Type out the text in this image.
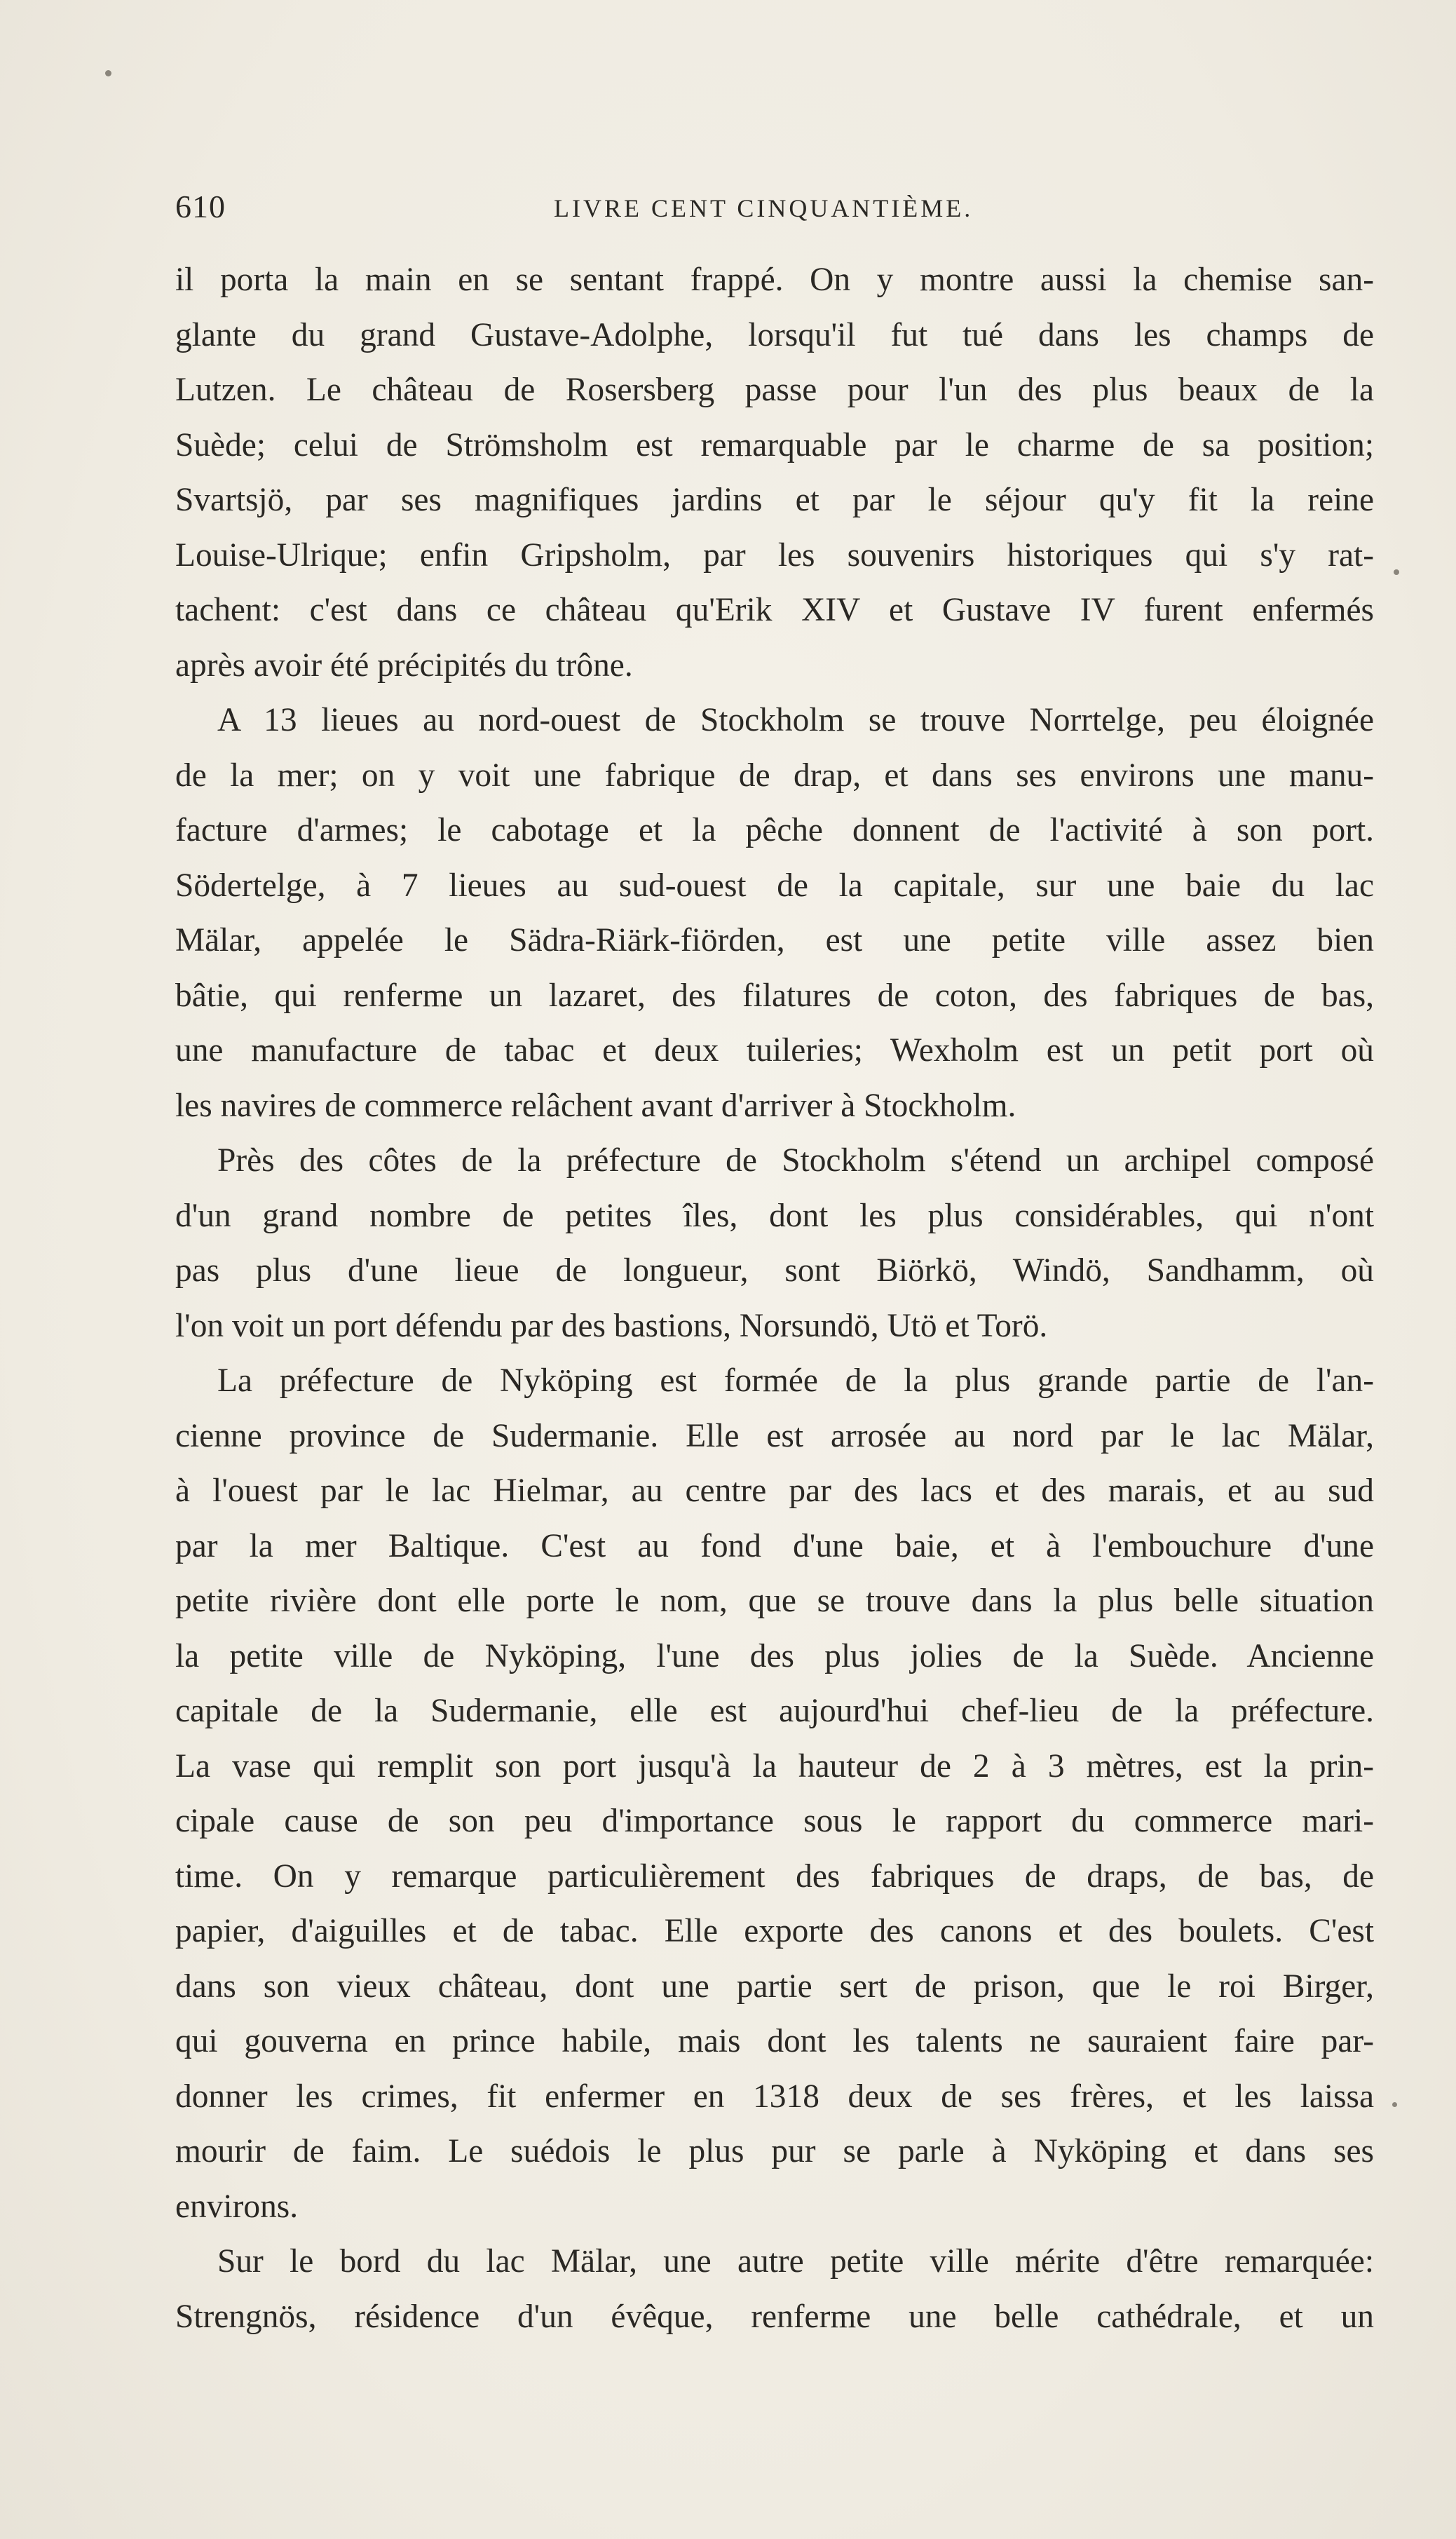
610	LIVRE CENT CINQUANTIÈME.
il porta la main en se sentant frappé. On y montre aussi la chemise san-
glante du grand Gustave-Adolphe, lorsqu'il fut tué dans les champs de
Lutzen. Le château de Rosersberg passe pour l'un des plus beaux de la
Suède; celui de Strömsholm est remarquable par le charme de sa position;
Svartsjö, par ses magnifiques jardins et par le séjour qu'y fit la reine
Louise-Ulrique; enfin Gripsholm, par les souvenirs historiques qui s'y rat-
tachent: c'est dans ce château qu'Erik XIV et Gustave IV furent enfermés
après avoir été précipités du trône.
A 13 lieues au nord-ouest de Stockholm se trouve Norrtelge, peu éloignée
de la mer; on y voit une fabrique de drap, et dans ses environs une manu-
facture d'armes; le cabotage et la pêche donnent de l'activité à son port.
Södertelge, à 7 lieues au sud-ouest de la capitale, sur une baie du lac
Mälar, appelée le Sädra-Riärk-fiörden, est une petite ville assez bien
bâtie, qui renferme un lazaret, des filatures de coton, des fabriques de bas,
une manufacture de tabac et deux tuileries; Wexholm est un petit port où
les navires de commerce relâchent avant d'arriver à Stockholm.
Près des côtes de la préfecture de Stockholm s'étend un archipel composé
d'un grand nombre de petites îles, dont les plus considérables, qui n'ont
pas plus d'une lieue de longueur, sont Biörkö, Windö, Sandhamm, où
l'on voit un port défendu par des bastions, Norsundö, Utö et Torö.
La préfecture de Nyköping est formée de la plus grande partie de l'an-
cienne province de Sudermanie. Elle est arrosée au nord par le lac Mälar,
à l'ouest par le lac Hielmar, au centre par des lacs et des marais, et au sud
par la mer Baltique. C'est au fond d'une baie, et à l'embouchure d'une
petite rivière dont elle porte le nom, que se trouve dans la plus belle situation
la petite ville de Nyköping, l'une des plus jolies de la Suède. Ancienne
capitale de la Sudermanie, elle est aujourd'hui chef-lieu de la préfecture.
La vase qui remplit son port jusqu'à la hauteur de 2 à 3 mètres, est la prin-
cipale cause de son peu d'importance sous le rapport du commerce mari-
time. On y remarque particulièrement des fabriques de draps, de bas, de
papier, d'aiguilles et de tabac. Elle exporte des canons et des boulets. C'est
dans son vieux château, dont une partie sert de prison, que le roi Birger,
qui gouverna en prince habile, mais dont les talents ne sauraient faire par-
donner les crimes, fit enfermer en 1318 deux de ses frères, et les laissa
mourir de faim. Le suédois le plus pur se parle à Nyköping et dans ses
environs.
Sur le bord du lac Mälar, une autre petite ville mérite d'être remarquée:
Strengnös, résidence d'un évêque, renferme une belle cathédrale, et un
